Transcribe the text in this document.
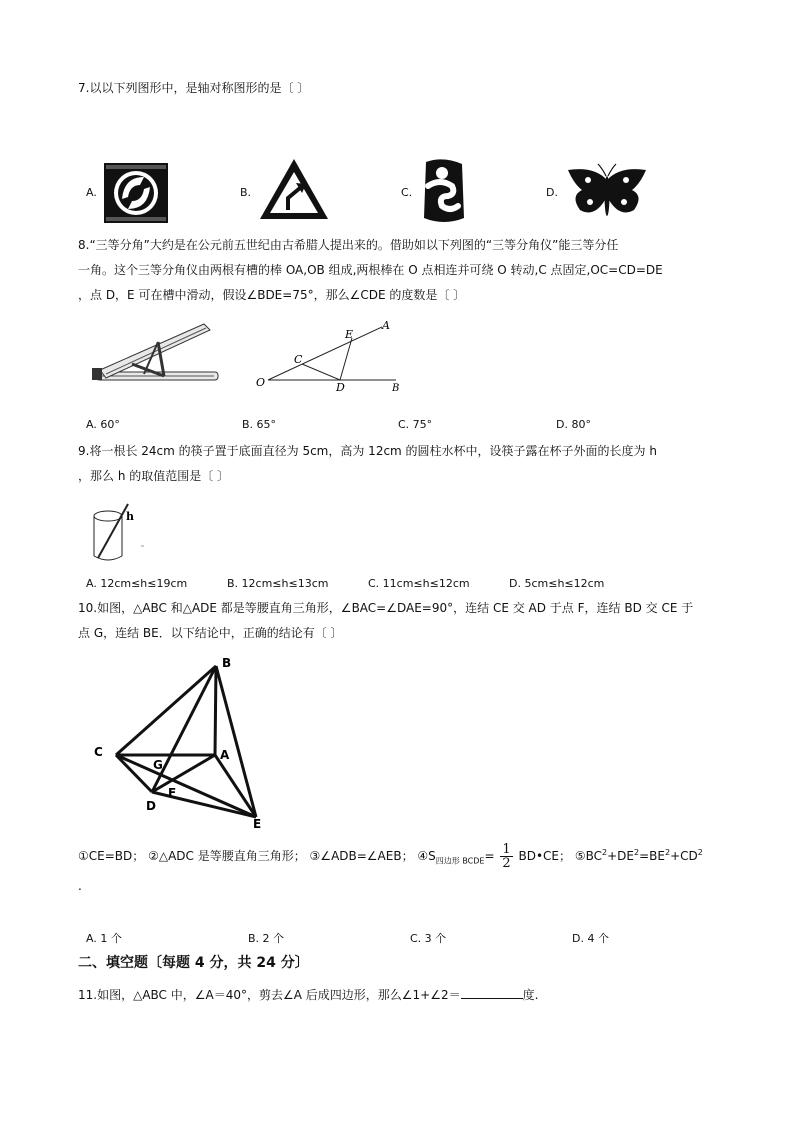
7.以以下列图形中，是轴对称图形的是〔 〕
A.	B.	C.	D.
8.“三等分角”大约是在公元前五世纪由古希腊人提出来的。借助如以下列图的“三等分角仪”能三等分任
一角。这个三等分角仪由两根有槽的棒 OA,OB 组成,两根棒在 O 点相连并可绕 O 转动,C 点固定,OC=CD=DE
，点 D，E 可在槽中滑动，假设∠BDE=75°，那么∠CDE 的度数是〔 〕
O
C
E
A
D	B
A. 60°	B. 65°	C. 75°	D. 80°
9.将一根长 24cm 的筷子置于底面直径为 5cm，高为 12cm 的圆柱水杯中，设筷子露在杯子外面的长度为 h
，那么 h 的取值范围是〔 〕
h
A. 12cm≤h≤19cm	B. 12cm≤h≤13cm	C. 11cm≤h≤12cm	D. 5cm≤h≤12cm
10.如图，△ABC 和△ADE 都是等腰直角三角形，∠BAC=∠DAE=90°，连结 CE 交 AD 于点 F，连结 BD 交 CE 于
点 G，连结 BE．以下结论中，正确的结论有〔 〕
B
C	A
G
F
D
E
①CE=BD； ②△ADC 是等腰直角三角形； ③∠ADB=∠AEB； $④S_{四边形 BCDE}= \frac{1}{2}$ BD•CE； $⑤BC^2+DE^2=BE^2+CD^2$
.
A. 1 个	B. 2 个	C. 3 个	D. 4 个
二、填空题〔每题 4 分，共 24 分〕
11.如图，△ABC 中，∠A＝40°，剪去∠A 后成四边形，那么∠1+∠2＝	度.
